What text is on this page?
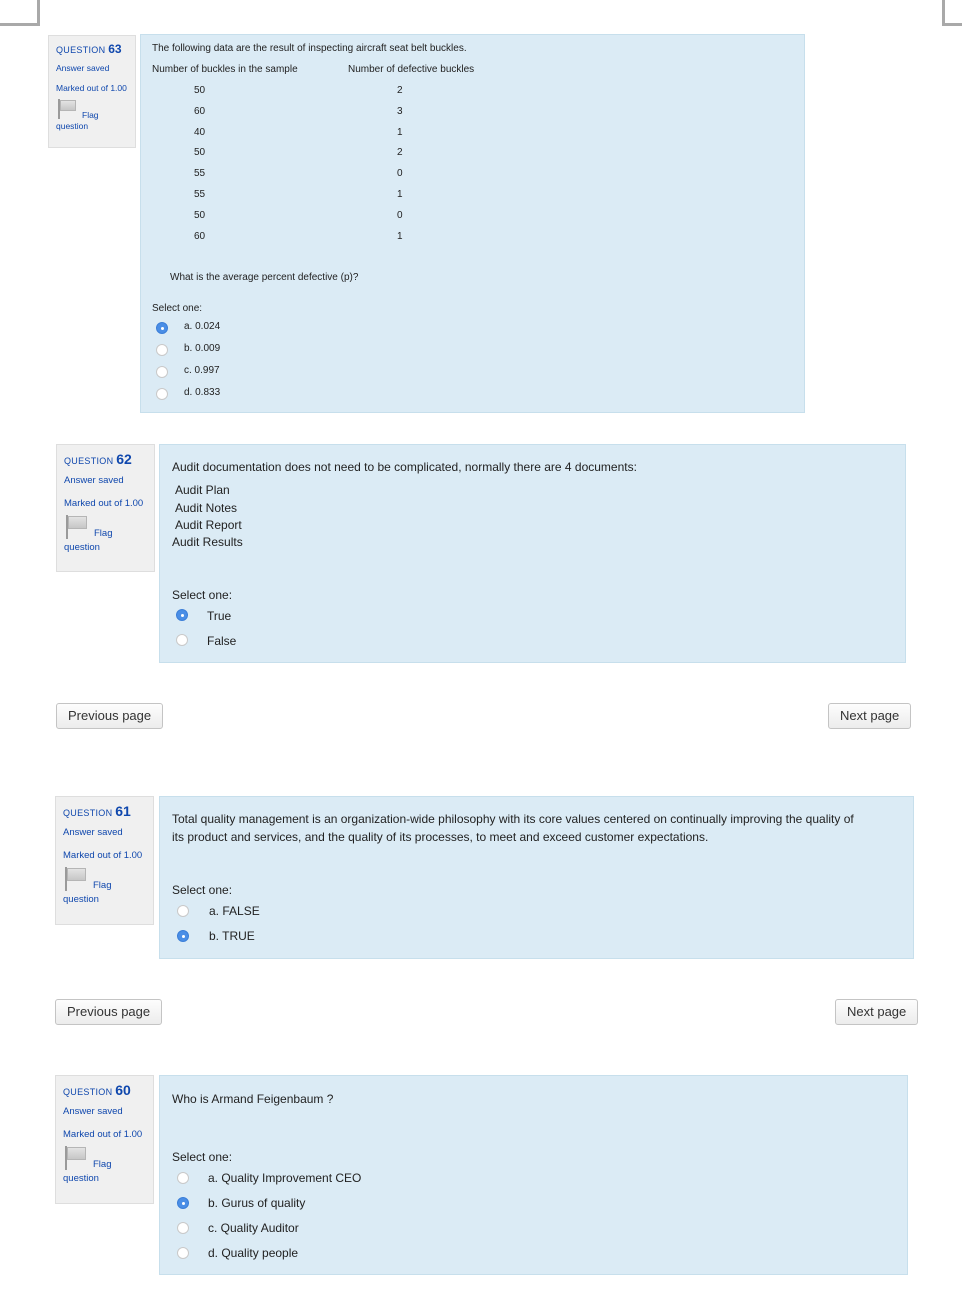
QUESTION 63
Answer saved
Marked out of 1.00
Flag
question
The following data are the result of inspecting aircraft seat belt buckles.
Number of buckles in the sample	Number of defective buckles
50	2
60	3
40	1
50	2
55	0
55	1
50	0
60	1
What is the average percent defective (p)?
Select one:
a. 0.024
b. 0.009
c. 0.997
d. 0.833
QUESTION 62
Answer saved
Marked out of 1.00
Flag
question
Audit documentation does not need to be complicated, normally there are 4 documents:
Audit Plan
Audit Notes
Audit Report
Audit Results
Select one:
True
False
Previous page	Next page
QUESTION 61
Answer saved
Marked out of 1.00
Flag
question
Total quality management is an organization-wide philosophy with its core values centered on continually improving the quality of
its product and services, and the quality of its processes, to meet and exceed customer expectations.
Select one:
a. FALSE
b. TRUE
Previous page	Next page
QUESTION 60
Answer saved
Marked out of 1.00
Flag
question
Who is Armand Feigenbaum ?
Select one:
a. Quality Improvement CEO
b. Gurus of quality
c. Quality Auditor
d. Quality people
